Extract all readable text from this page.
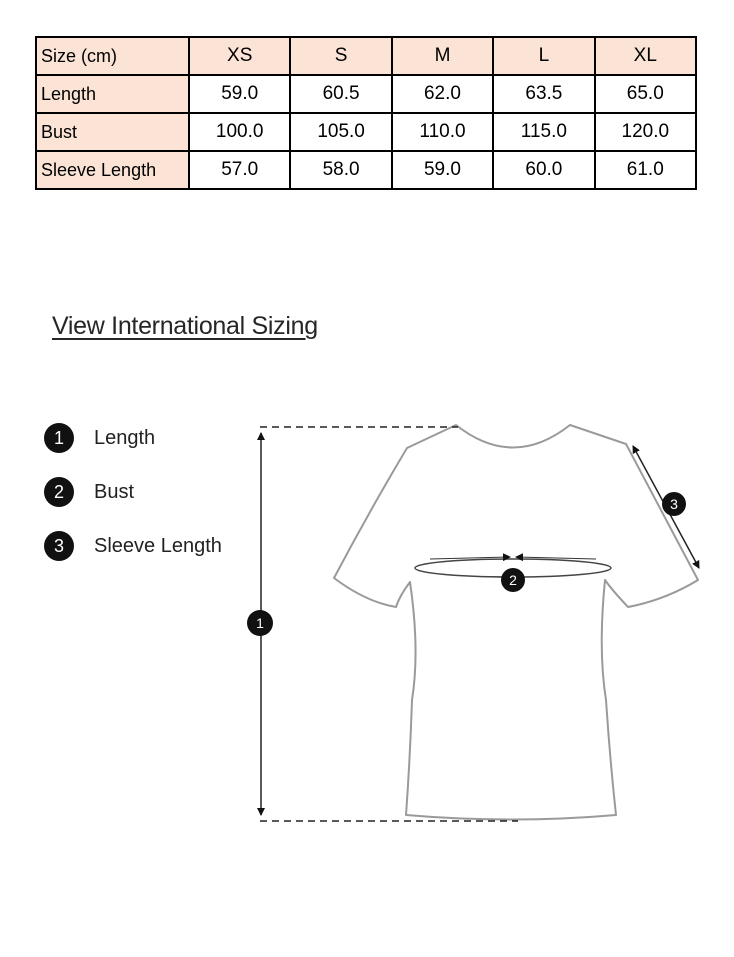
Size (cm)	XS	S	M	L	XL
Length	59.0	60.5	62.0	63.5	65.0
Bust	100.0	105.0	110.0	115.0	120.0
Sleeve Length	57.0	58.0	59.0	60.0	61.0
View International Sizing
1	Length
2	Bust
3	Sleeve Length
1
2
3
